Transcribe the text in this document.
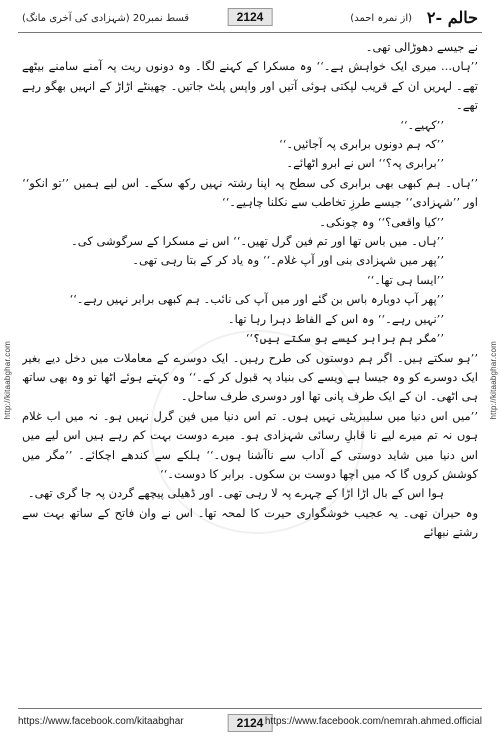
http://kitaabghar.com	http://kitaabghar.com
حالم -۲
(از نمرہ احمد)
2124
قسط نمبر20 (شہزادی کی آخری مانگ)

نے جیسے دھوڑالی تھی۔

’’ہاں... میری ایک خواہش ہے۔‘‘ وہ مسکرا کے کہنے لگا۔ وہ دونوں ریت پہ آمنے سامنے بیٹھے تھے۔ لہریں ان کے قریب لپکتی ہوئی آتیں اور واپس پلٹ جاتیں۔ چھینٹے اڑاڑ کے انہیں بھگو رہے تھے۔

’’کہیے۔‘‘

’’کہ ہم دونوں برابری پہ آجائیں۔‘‘

’’برابری پہ؟‘‘ اس نے ابرو اٹھائے۔

’’ہاں۔ ہم کبھی بھی برابری کی سطح پہ اپنا رشتہ نہیں رکھ سکے۔ اس لیے ہمیں ’’تو انکو‘‘ اور ’’شہزادی‘‘ جیسے طرزِ تخاطب سے نکلنا چاہیے۔‘‘

’’کیا واقعی؟‘‘ وہ چونکی۔

’’ہاں۔ میں باس تھا اور تم فین گرل تھیں۔‘‘ اس نے مسکرا کے سرگوشی کی۔

’’پھر میں شہزادی بنی اور آپ غلام۔‘‘ وہ یاد کر کے بتا رہی تھی۔

’’ایسا ہی تھا۔‘‘

’’پھر آپ دوبارہ باس بن گئے اور میں آپ کی نائب۔ ہم کبھی برابر نہیں رہے۔‘‘

’’نہیں رہے۔‘‘ وہ اس کے الفاظ دہرا رہا تھا۔

’’مگر ہم برابر کیسے ہو سکتے ہیں؟‘‘

’’ہو سکتے ہیں۔ اگر ہم دوستوں کی طرح رہیں۔ ایک دوسرے کے معاملات میں دخل دیے بغیر ایک دوسرے کو وہ جیسا ہے ویسے کی بنیاد پہ قبول کر کے۔‘‘ وہ کہتے ہوئے اٹھا تو وہ بھی ساتھ ہی اٹھی۔ ان کے ایک طرف پانی تھا اور دوسری طرف ساحل۔

’’میں اس دنیا میں سلیبریٹی نہیں ہوں۔ تم اس دنیا میں فین گرل نہیں ہو۔ نہ میں اب غلام ہوں نہ تم میرے لیے نا قابلِ رسائی شہزادی ہو۔ میرے دوست بہت کم رہے ہیں اس لیے میں اس دنیا میں شاید دوستی کے آداب سے ناآشنا ہوں۔‘‘ ہلکے سے کندھے اچکائے۔ ’’مگر میں کوشش کروں گا کہ میں اچھا دوست بن سکوں۔ برابر کا دوست۔‘‘

ہوا اس کے بال اڑا اڑا کے چہرے پہ لا رہی تھی۔ اور ڈھیلی پیچھے گردن پہ جا گری تھی۔

وہ حیران تھی۔ یہ عجیب خوشگواری حیرت کا لمحہ تھا۔ اس نے وان فاتح کے ساتھ بہت سے رشتے نبھائے

https://www.facebook.com/kitaabghar	2124 https://www.facebook.com/nemrah.ahmed.official
